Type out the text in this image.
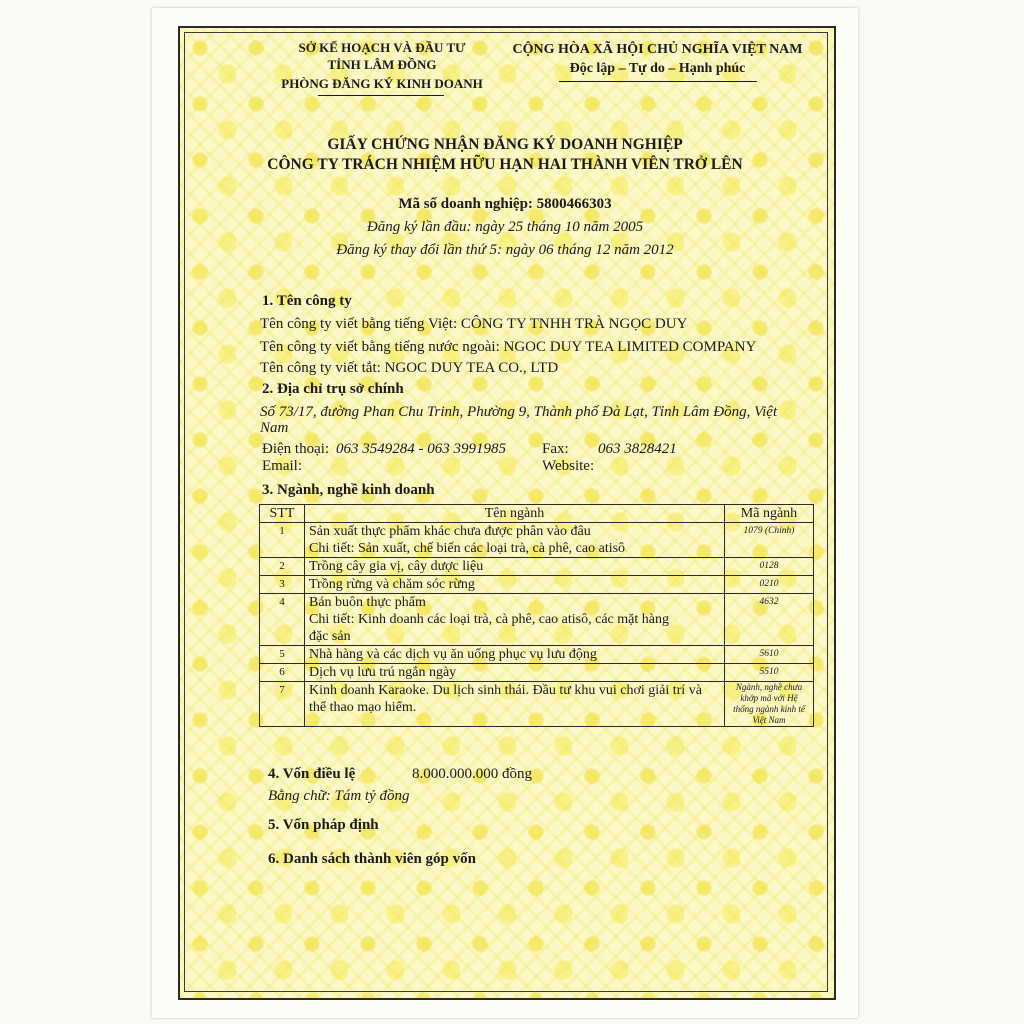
SỞ KẾ HOẠCH VÀ ĐẦU TƯ
TỈNH LÂM ĐỒNG
PHÒNG ĐĂNG KÝ KINH DOANH
CỘNG HÒA XÃ HỘI CHỦ NGHĨA VIỆT NAM
Độc lập – Tự do – Hạnh phúc
GIẤY CHỨNG NHẬN ĐĂNG KÝ DOANH NGHIỆP
CÔNG TY TRÁCH NHIỆM HỮU HẠN HAI THÀNH VIÊN TRỞ LÊN
Mã số doanh nghiệp: 5800466303
Đăng ký lần đầu: ngày 25 tháng 10 năm 2005
Đăng ký thay đổi lần thứ 5: ngày 06 tháng 12 năm 2012
1. Tên công ty
Tên công ty viết bằng tiếng Việt: CÔNG TY TNHH TRÀ NGỌC DUY
Tên công ty viết bằng tiếng nước ngoài: NGOC DUY TEA LIMITED COMPANY
Tên công ty viết tắt: NGOC DUY TEA CO., LTD
2. Địa chỉ trụ sở chính
Số 73/17, đường Phan Chu Trinh, Phường 9, Thành phố Đà Lạt, Tỉnh Lâm Đồng, Việt
Nam
Điện thoại: 063 3549284 - 063 3991985 Fax: 063 3828421
Email:	Website:
3. Ngành, nghề kinh doanh
STT	Tên ngành	Mã ngành
1	Sản xuất thực phẩm khác chưa được phân vào đâu
Chi tiết: Sản xuất, chế biến các loại trà, cà phê, cao atisô	1079 (Chính)
2	Trồng cây gia vị, cây dược liệu	0128
3	Trồng rừng và chăm sóc rừng	0210
4	Bán buôn thực phẩm
Chi tiết: Kinh doanh các loại trà, cà phê, cao atisô, các mặt hàng đặc sản	4632
5	Nhà hàng và các dịch vụ ăn uống phục vụ lưu động	5610
6	Dịch vụ lưu trú ngắn ngày	5510
7	Kinh doanh Karaoke. Du lịch sinh thái. Đầu tư khu vui chơi giải trí và thể thao mạo hiểm.	Ngành, nghề chưa khớp mã với Hệ thống ngành kinh tế Việt Nam
4. Vốn điều lệ	8.000.000.000 đồng
Bằng chữ: Tám tỷ đồng
5. Vốn pháp định
6. Danh sách thành viên góp vốn
